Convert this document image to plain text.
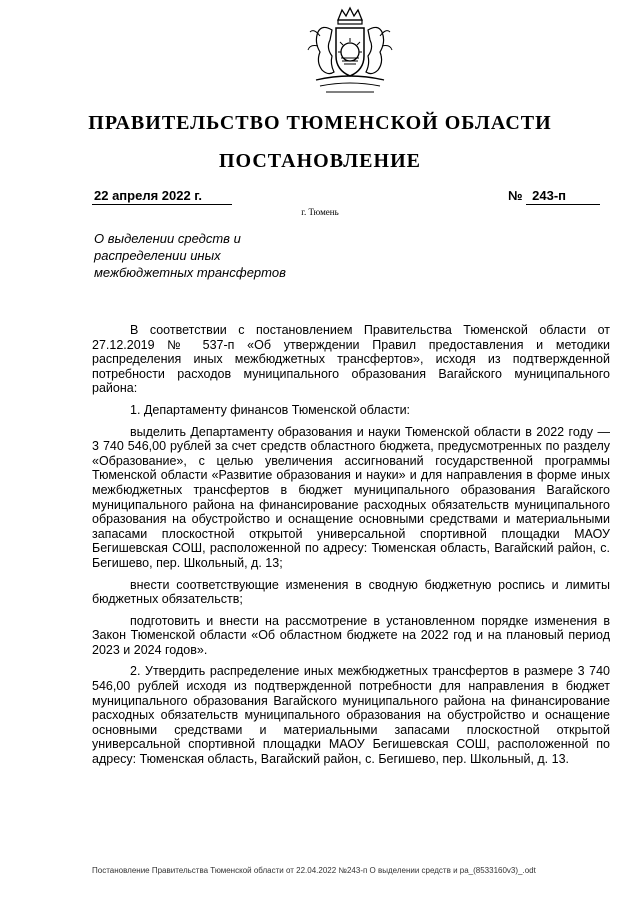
ПРАВИТЕЛЬСТВО ТЮМЕНСКОЙ ОБЛАСТИ
ПОСТАНОВЛЕНИЕ
22 апреля 2022 г.	№ 243-п
г. Тюмень
О выделении средств и
распределении иных
межбюджетных трансфертов

В соответствии с постановлением Правительства Тюменской области от 27.12.2019 № 537-п «Об утверждении Правил предоставления и методики распределения иных межбюджетных трансфертов», исходя из подтвержденной потребности расходов муниципального образования Вагайского муниципального района:

1. Департаменту финансов Тюменской области:

выделить Департаменту образования и науки Тюменской области в 2022 году — 3 740 546,00 рублей за счет средств областного бюджета, предусмотренных по разделу «Образование», с целью увеличения ассигнований государственной программы Тюменской области «Развитие образования и науки» и для направления в форме иных межбюджетных трансфертов в бюджет муниципального образования Вагайского муниципального района на финансирование расходных обязательств муниципального образования на обустройство и оснащение основными средствами и материальными запасами плоскостной открытой универсальной спортивной площадки МАОУ Бегишевская СОШ, расположенной по адресу: Тюменская область, Вагайский район, с. Бегишево, пер. Школьный, д. 13;

внести соответствующие изменения в сводную бюджетную роспись и лимиты бюджетных обязательств;

подготовить и внести на рассмотрение в установленном порядке изменения в Закон Тюменской области «Об областном бюджете на 2022 год и на плановый период 2023 и 2024 годов».

2. Утвердить распределение иных межбюджетных трансфертов в размере 3 740 546,00 рублей исходя из подтвержденной потребности для направления в бюджет муниципального образования Вагайского муниципального района на финансирование расходных обязательств муниципального образования на обустройство и оснащение основными средствами и материальными запасами плоскостной открытой универсальной спортивной площадки МАОУ Бегишевская СОШ, расположенной по адресу: Тюменская область, Вагайский район, с. Бегишево, пер. Школьный, д. 13.

Постановление Правительства Тюменской области от 22.04.2022 №243-п О выделении средств и ра_(8533160v3)_.odt
